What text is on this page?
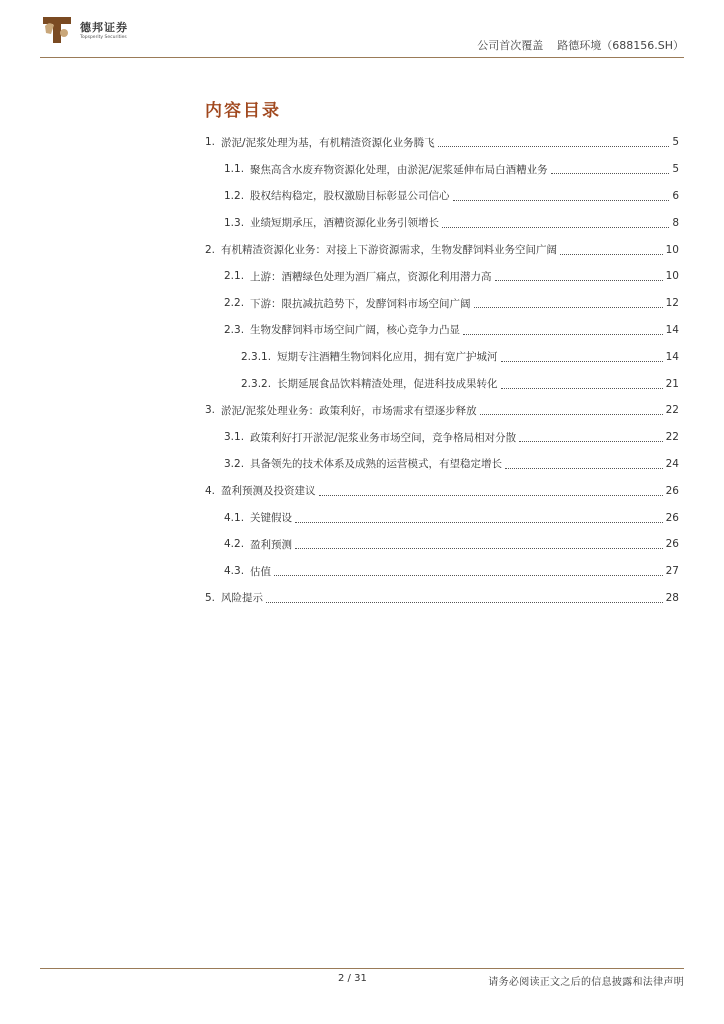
德邦证券
Topsperity Securities
公司首次覆盖 路德环境（688156.SH）
内容目录
1. 淤泥/泥浆处理为基，有机精渣资源化业务腾飞	5
1.1. 聚焦高含水废弃物资源化处理，由淤泥/泥浆延伸布局白酒糟业务	5
1.2. 股权结构稳定，股权激励目标彰显公司信心	6
1.3. 业绩短期承压，酒糟资源化业务引领增长	8
2. 有机精渣资源化业务：对接上下游资源需求，生物发酵饲料业务空间广阔	10
2.1. 上游：酒糟绿色处理为酒厂痛点，资源化利用潜力高	10
2.2. 下游：限抗减抗趋势下，发酵饲料市场空间广阔	12
2.3. 生物发酵饲料市场空间广阔，核心竞争力凸显	14
2.3.1. 短期专注酒糟生物饲料化应用，拥有宽广护城河	14
2.3.2. 长期延展食品饮料精渣处理，促进科技成果转化	21
3. 淤泥/泥浆处理业务：政策利好，市场需求有望逐步释放	22
3.1. 政策利好打开淤泥/泥浆业务市场空间，竞争格局相对分散	22
3.2. 具备领先的技术体系及成熟的运营模式，有望稳定增长	24
4. 盈利预测及投资建议	26
4.1. 关键假设	26
4.2. 盈利预测	26
4.3. 估值	27
5. 风险提示	28
2 / 31	请务必阅读正文之后的信息披露和法律声明
